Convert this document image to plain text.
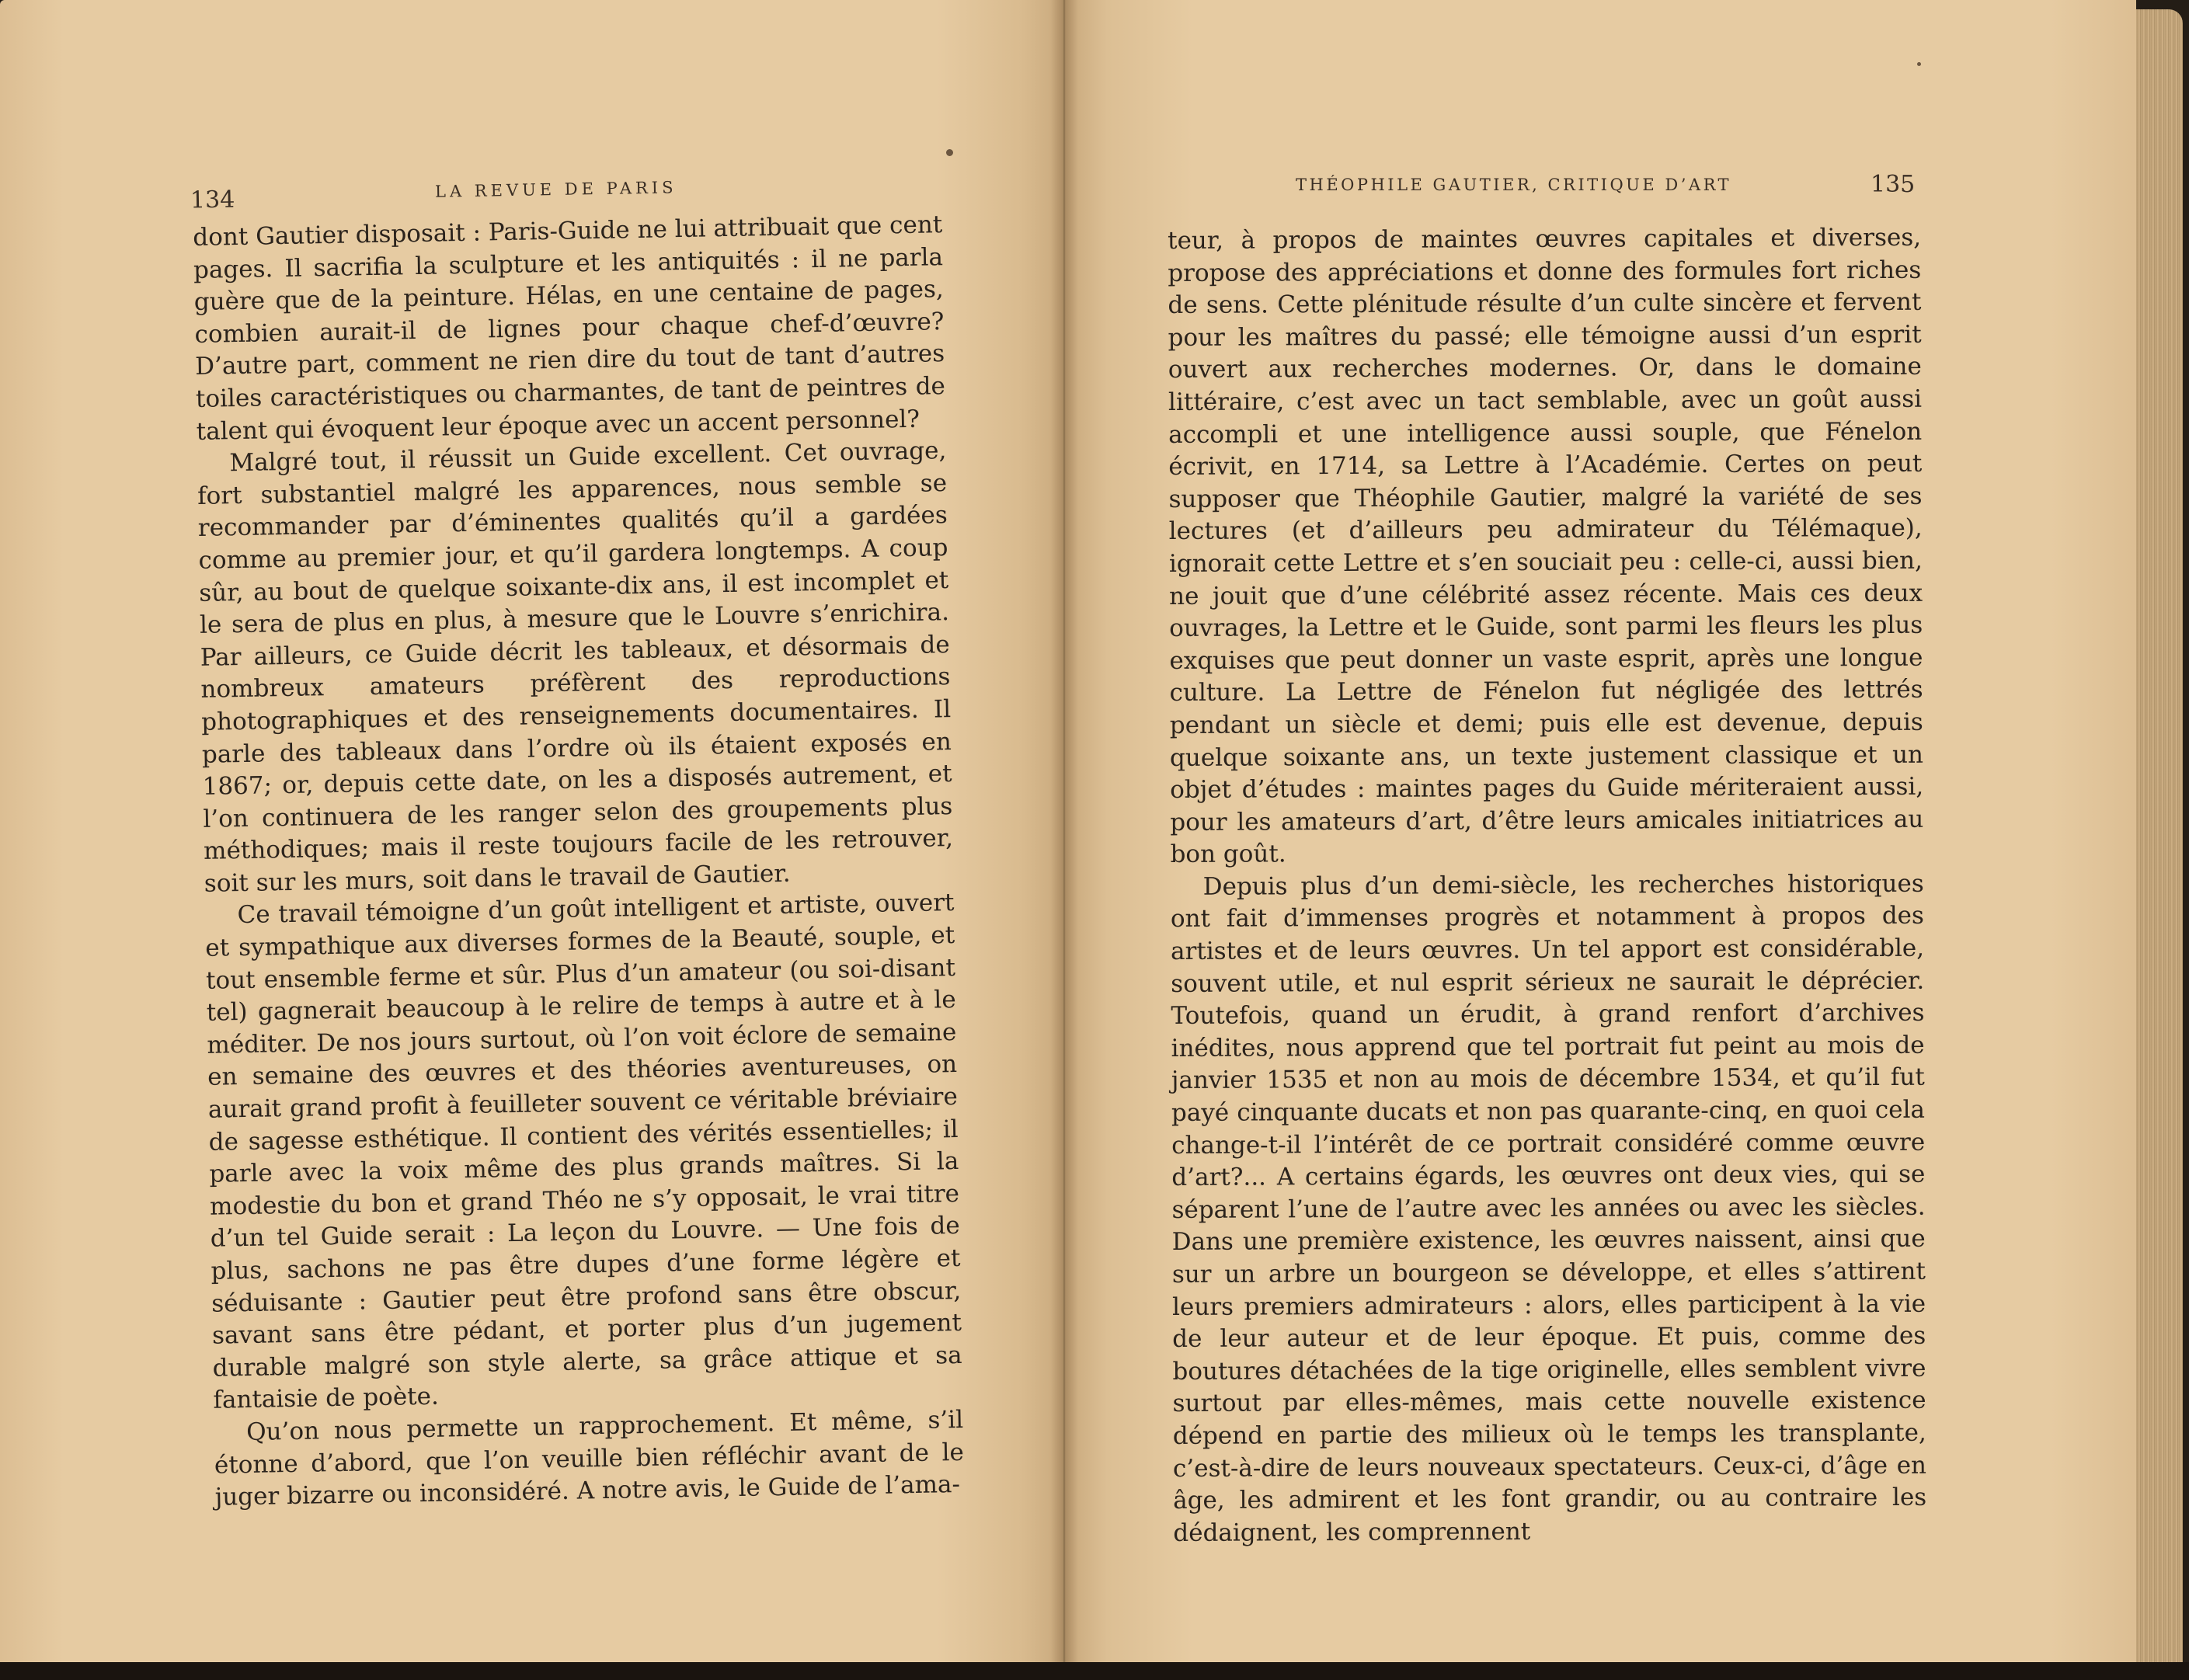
134	LA REVUE DE PARIS

dont Gautier disposait : Paris-Guide ne lui attribuait que cent pages. Il sacrifia la sculpture et les antiquités : il ne parla guère que de la peinture. Hélas, en une centaine de pages, combien aurait-il de lignes pour chaque chef-d’œuvre? D’autre part, comment ne rien dire du tout de tant d’autres toiles caractéristiques ou charmantes, de tant de peintres de talent qui évoquent leur époque avec un accent personnel?

Malgré tout, il réussit un Guide excellent. Cet ouvrage, fort substantiel malgré les apparences, nous semble se recommander par d’éminentes qualités qu’il a gardées comme au premier jour, et qu’il gardera longtemps. A coup sûr, au bout de quelque soixante-dix ans, il est incomplet et le sera de plus en plus, à mesure que le Louvre s’enrichira. Par ailleurs, ce Guide décrit les tableaux, et désormais de nombreux amateurs préfèrent des reproductions photographiques et des renseignements documentaires. Il parle des tableaux dans l’ordre où ils étaient exposés en 1867; or, depuis cette date, on les a disposés autrement, et l’on continuera de les ranger selon des groupements plus méthodiques; mais il reste toujours facile de les retrouver, soit sur les murs, soit dans le travail de Gautier.

Ce travail témoigne d’un goût intelligent et artiste, ouvert et sympathique aux diverses formes de la Beauté, souple, et tout ensemble ferme et sûr. Plus d’un amateur (ou soi-disant tel) gagnerait beaucoup à le relire de temps à autre et à le méditer. De nos jours surtout, où l’on voit éclore de semaine en semaine des œuvres et des théories aventureuses, on aurait grand profit à feuilleter souvent ce véritable bréviaire de sagesse esthétique. Il contient des vérités essentielles; il parle avec la voix même des plus grands maîtres. Si la modestie du bon et grand Théo ne s’y opposait, le vrai titre d’un tel Guide serait : La leçon du Louvre. — Une fois de plus, sachons ne pas être dupes d’une forme légère et séduisante : Gautier peut être profond sans être obscur, savant sans être pédant, et porter plus d’un jugement durable malgré son style alerte, sa grâce attique et sa fantaisie de poète.

Qu’on nous permette un rapprochement. Et même, s’il étonne d’abord, que l’on veuille bien réfléchir avant de le juger bizarre ou inconsidéré. A notre avis, le Guide de l’ama-

THÉOPHILE GAUTIER, CRITIQUE D’ART	135

teur, à propos de maintes œuvres capitales et diverses, propose des appréciations et donne des formules fort riches de sens. Cette plénitude résulte d’un culte sincère et fervent pour les maîtres du passé; elle témoigne aussi d’un esprit ouvert aux recherches modernes. Or, dans le domaine littéraire, c’est avec un tact semblable, avec un goût aussi accompli et une intelligence aussi souple, que Fénelon écrivit, en 1714, sa Lettre à l’Académie. Certes on peut supposer que Théophile Gautier, malgré la variété de ses lectures (et d’ailleurs peu admirateur du Télémaque), ignorait cette Lettre et s’en souciait peu : celle-ci, aussi bien, ne jouit que d’une célébrité assez récente. Mais ces deux ouvrages, la Lettre et le Guide, sont parmi les fleurs les plus exquises que peut donner un vaste esprit, après une longue culture. La Lettre de Fénelon fut négligée des lettrés pendant un siècle et demi; puis elle est devenue, depuis quelque soixante ans, un texte justement classique et un objet d’études : maintes pages du Guide mériteraient aussi, pour les amateurs d’art, d’être leurs amicales initiatrices au bon goût.

Depuis plus d’un demi-siècle, les recherches historiques ont fait d’immenses progrès et notamment à propos des artistes et de leurs œuvres. Un tel apport est considérable, souvent utile, et nul esprit sérieux ne saurait le déprécier. Toutefois, quand un érudit, à grand renfort d’archives inédites, nous apprend que tel portrait fut peint au mois de janvier 1535 et non au mois de décembre 1534, et qu’il fut payé cinquante ducats et non pas quarante-cinq, en quoi cela change-t-il l’intérêt de ce portrait considéré comme œuvre d’art?... A certains égards, les œuvres ont deux vies, qui se séparent l’une de l’autre avec les années ou avec les siècles. Dans une première existence, les œuvres naissent, ainsi que sur un arbre un bourgeon se développe, et elles s’attirent leurs premiers admirateurs : alors, elles participent à la vie de leur auteur et de leur époque. Et puis, comme des boutures détachées de la tige originelle, elles semblent vivre surtout par elles-mêmes, mais cette nouvelle existence dépend en partie des milieux où le temps les transplante, c’est-à-dire de leurs nouveaux spectateurs. Ceux-ci, d’âge en âge, les admirent et les font grandir, ou au contraire les dédaignent, les comprennent
